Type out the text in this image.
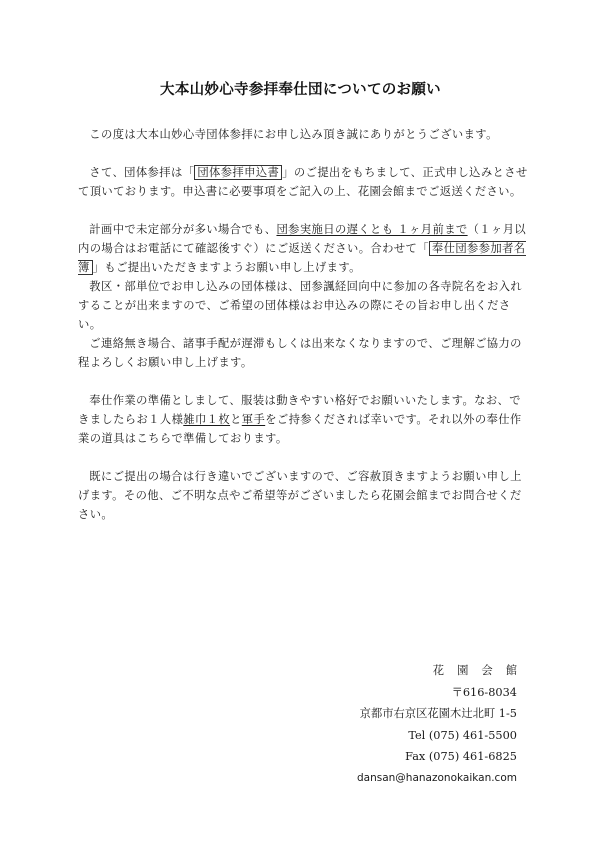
大本山妙心寺参拝奉仕団についてのお願い

この度は大本山妙心寺団体参拝にお申し込み頂き誠にありがとうございます。

さて、団体参拝は「 団体参拝申込書 」のご提出をもちまして、正式申し込みとさせて頂いております。申込書に必要事項をご記入の上、花園会館までご返送ください。

計画中で未定部分が多い場合でも、団参実施日の遅くとも １ヶ月前まで（１ヶ月以内の場合はお電話にて確認後すぐ）にご返送ください。合わせて「 奉仕団参参加者名簿 」もご提出いただきますようお願い申し上げます。

教区・部単位でお申し込みの団体様は、団参諷経回向中に参加の各寺院名をお入れすることが出来ますので、ご希望の団体様はお申込みの際にその旨お申し出ください。

ご連絡無き場合、諸事手配が遅滞もしくは出来なくなりますので、ご理解ご協力の程よろしくお願い申し上げます。

奉仕作業の準備としまして、服装は動きやすい格好でお願いいたします。なお、できましたらお１人様雑巾１枚と軍手をご持参くだされば幸いです。それ以外の奉仕作業の道具はこちらで準備しております。

既にご提出の場合は行き違いでございますので、ご容赦頂きますようお願い申し上げます。その他、ご不明な点やご希望等がございましたら花園会館までお問合せください。

花園会館
〒616-8034
京都市右京区花園木辻北町 1-5
Tel (075) 461-5500
Fax (075) 461-6825
dansan@hanazonokaikan.com
